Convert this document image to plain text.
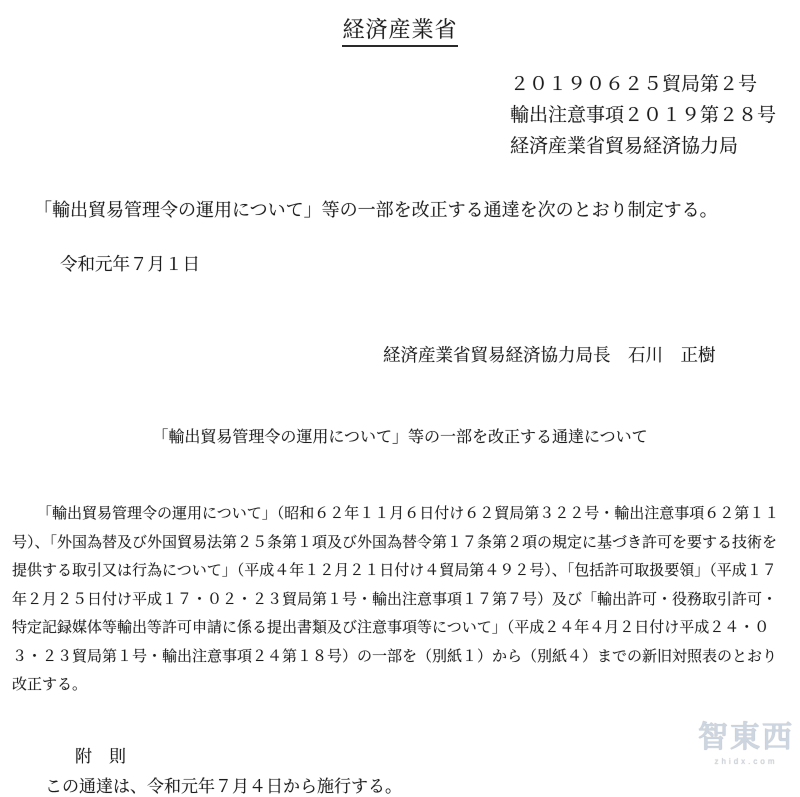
経済産業省
２０１９０６２５貿局第２号
輸出注意事項２０１９第２８号
経済産業省貿易経済協力局
「輸出貿易管理令の運用について」等の一部を改正する通達を次のとおり制定する。
令和元年７月１日
経済産業省貿易経済協力局長　石川　正樹
「輸出貿易管理令の運用について」等の一部を改正する通達について
「輸出貿易管理令の運用について」（昭和６２年１１月６日付け６２貿局第３２２号・輸出注意事項６２第１１
号）、「外国為替及び外国貿易法第２５条第１項及び外国為替令第１７条第２項の規定に基づき許可を要する技術を
提供する取引又は行為について」（平成４年１２月２１日付け４貿局第４９２号）、「包括許可取扱要領」（平成１７
年２月２５日付け平成１７・０２・２３貿局第１号・輸出注意事項１７第７号）及び「輸出許可・役務取引許可・
特定記録媒体等輸出等許可申請に係る提出書類及び注意事項等について」（平成２４年４月２日付け平成２４・０
３・２３貿局第１号・輸出注意事項２４第１８号）の一部を（別紙１）から（別紙４）までの新旧対照表のとおり
改正する。
附　則
この通達は、令和元年７月４日から施行する。
智東西
zhidx.com
